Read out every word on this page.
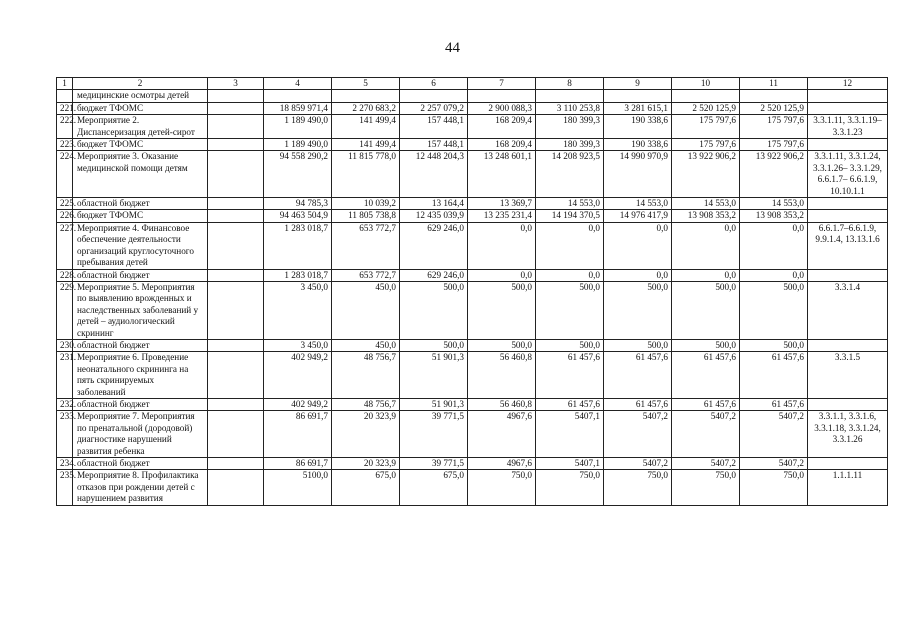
44
1	2	3	4	5	6	7	8	9	10	11	12
	медицинские осмотры детей										
221.	бюджет ТФОМС		18 859 971,4	2 270 683,2	2 257 079,2	2 900 088,3	3 110 253,8	3 281 615,1	2 520 125,9	2 520 125,9	
222.	Мероприятие 2. Диспансеризация детей-сирот		1 189 490,0	141 499,4	157 448,1	168 209,4	180 399,3	190 338,6	175 797,6	175 797,6	3.3.1.11, 3.3.1.19–3.3.1.23
223.	бюджет ТФОМС		1 189 490,0	141 499,4	157 448,1	168 209,4	180 399,3	190 338,6	175 797,6	175 797,6	
224.	Мероприятие 3. Оказание медицинской помощи детям		94 558 290,2	11 815 778,0	12 448 204,3	13 248 601,1	14 208 923,5	14 990 970,9	13 922 906,2	13 922 906,2	3.3.1.11, 3.3.1.24, 3.3.1.26– 3.3.1.29, 6.6.1.7– 6.6.1.9, 10.10.1.1
225.	областной бюджет		94 785,3	10 039,2	13 164,4	13 369,7	14 553,0	14 553,0	14 553,0	14 553,0	
226.	бюджет ТФОМС		94 463 504,9	11 805 738,8	12 435 039,9	13 235 231,4	14 194 370,5	14 976 417,9	13 908 353,2	13 908 353,2	
227.	Мероприятие 4. Финансовое обеспечение деятельности организаций круглосуточного пребывания детей		1 283 018,7	653 772,7	629 246,0	0,0	0,0	0,0	0,0	0,0	6.6.1.7–6.6.1.9, 9.9.1.4, 13.13.1.6
228.	областной бюджет		1 283 018,7	653 772,7	629 246,0	0,0	0,0	0,0	0,0	0,0	
229.	Мероприятие 5. Мероприятия по выявлению врожденных и наследственных заболеваний у детей – аудиологический скрининг		3 450,0	450,0	500,0	500,0	500,0	500,0	500,0	500,0	3.3.1.4
230.	областной бюджет		3 450,0	450,0	500,0	500,0	500,0	500,0	500,0	500,0	
231.	Мероприятие 6. Проведение неонатального скрининга на пять скринируемых заболеваний		402 949,2	48 756,7	51 901,3	56 460,8	61 457,6	61 457,6	61 457,6	61 457,6	3.3.1.5
232.	областной бюджет		402 949,2	48 756,7	51 901,3	56 460,8	61 457,6	61 457,6	61 457,6	61 457,6	
233.	Мероприятие 7. Мероприятия по пренатальной (дородовой) диагностике нарушений развития ребенка		86 691,7	20 323,9	39 771,5	4967,6	5407,1	5407,2	5407,2	5407,2	3.3.1.1, 3.3.1.6, 3.3.1.18, 3.3.1.24, 3.3.1.26
234.	областной бюджет		86 691,7	20 323,9	39 771,5	4967,6	5407,1	5407,2	5407,2	5407,2	
235.	Мероприятие 8. Профилактика отказов при рождении детей с нарушением развития		5100,0	675,0	675,0	750,0	750,0	750,0	750,0	750,0	1.1.1.11
